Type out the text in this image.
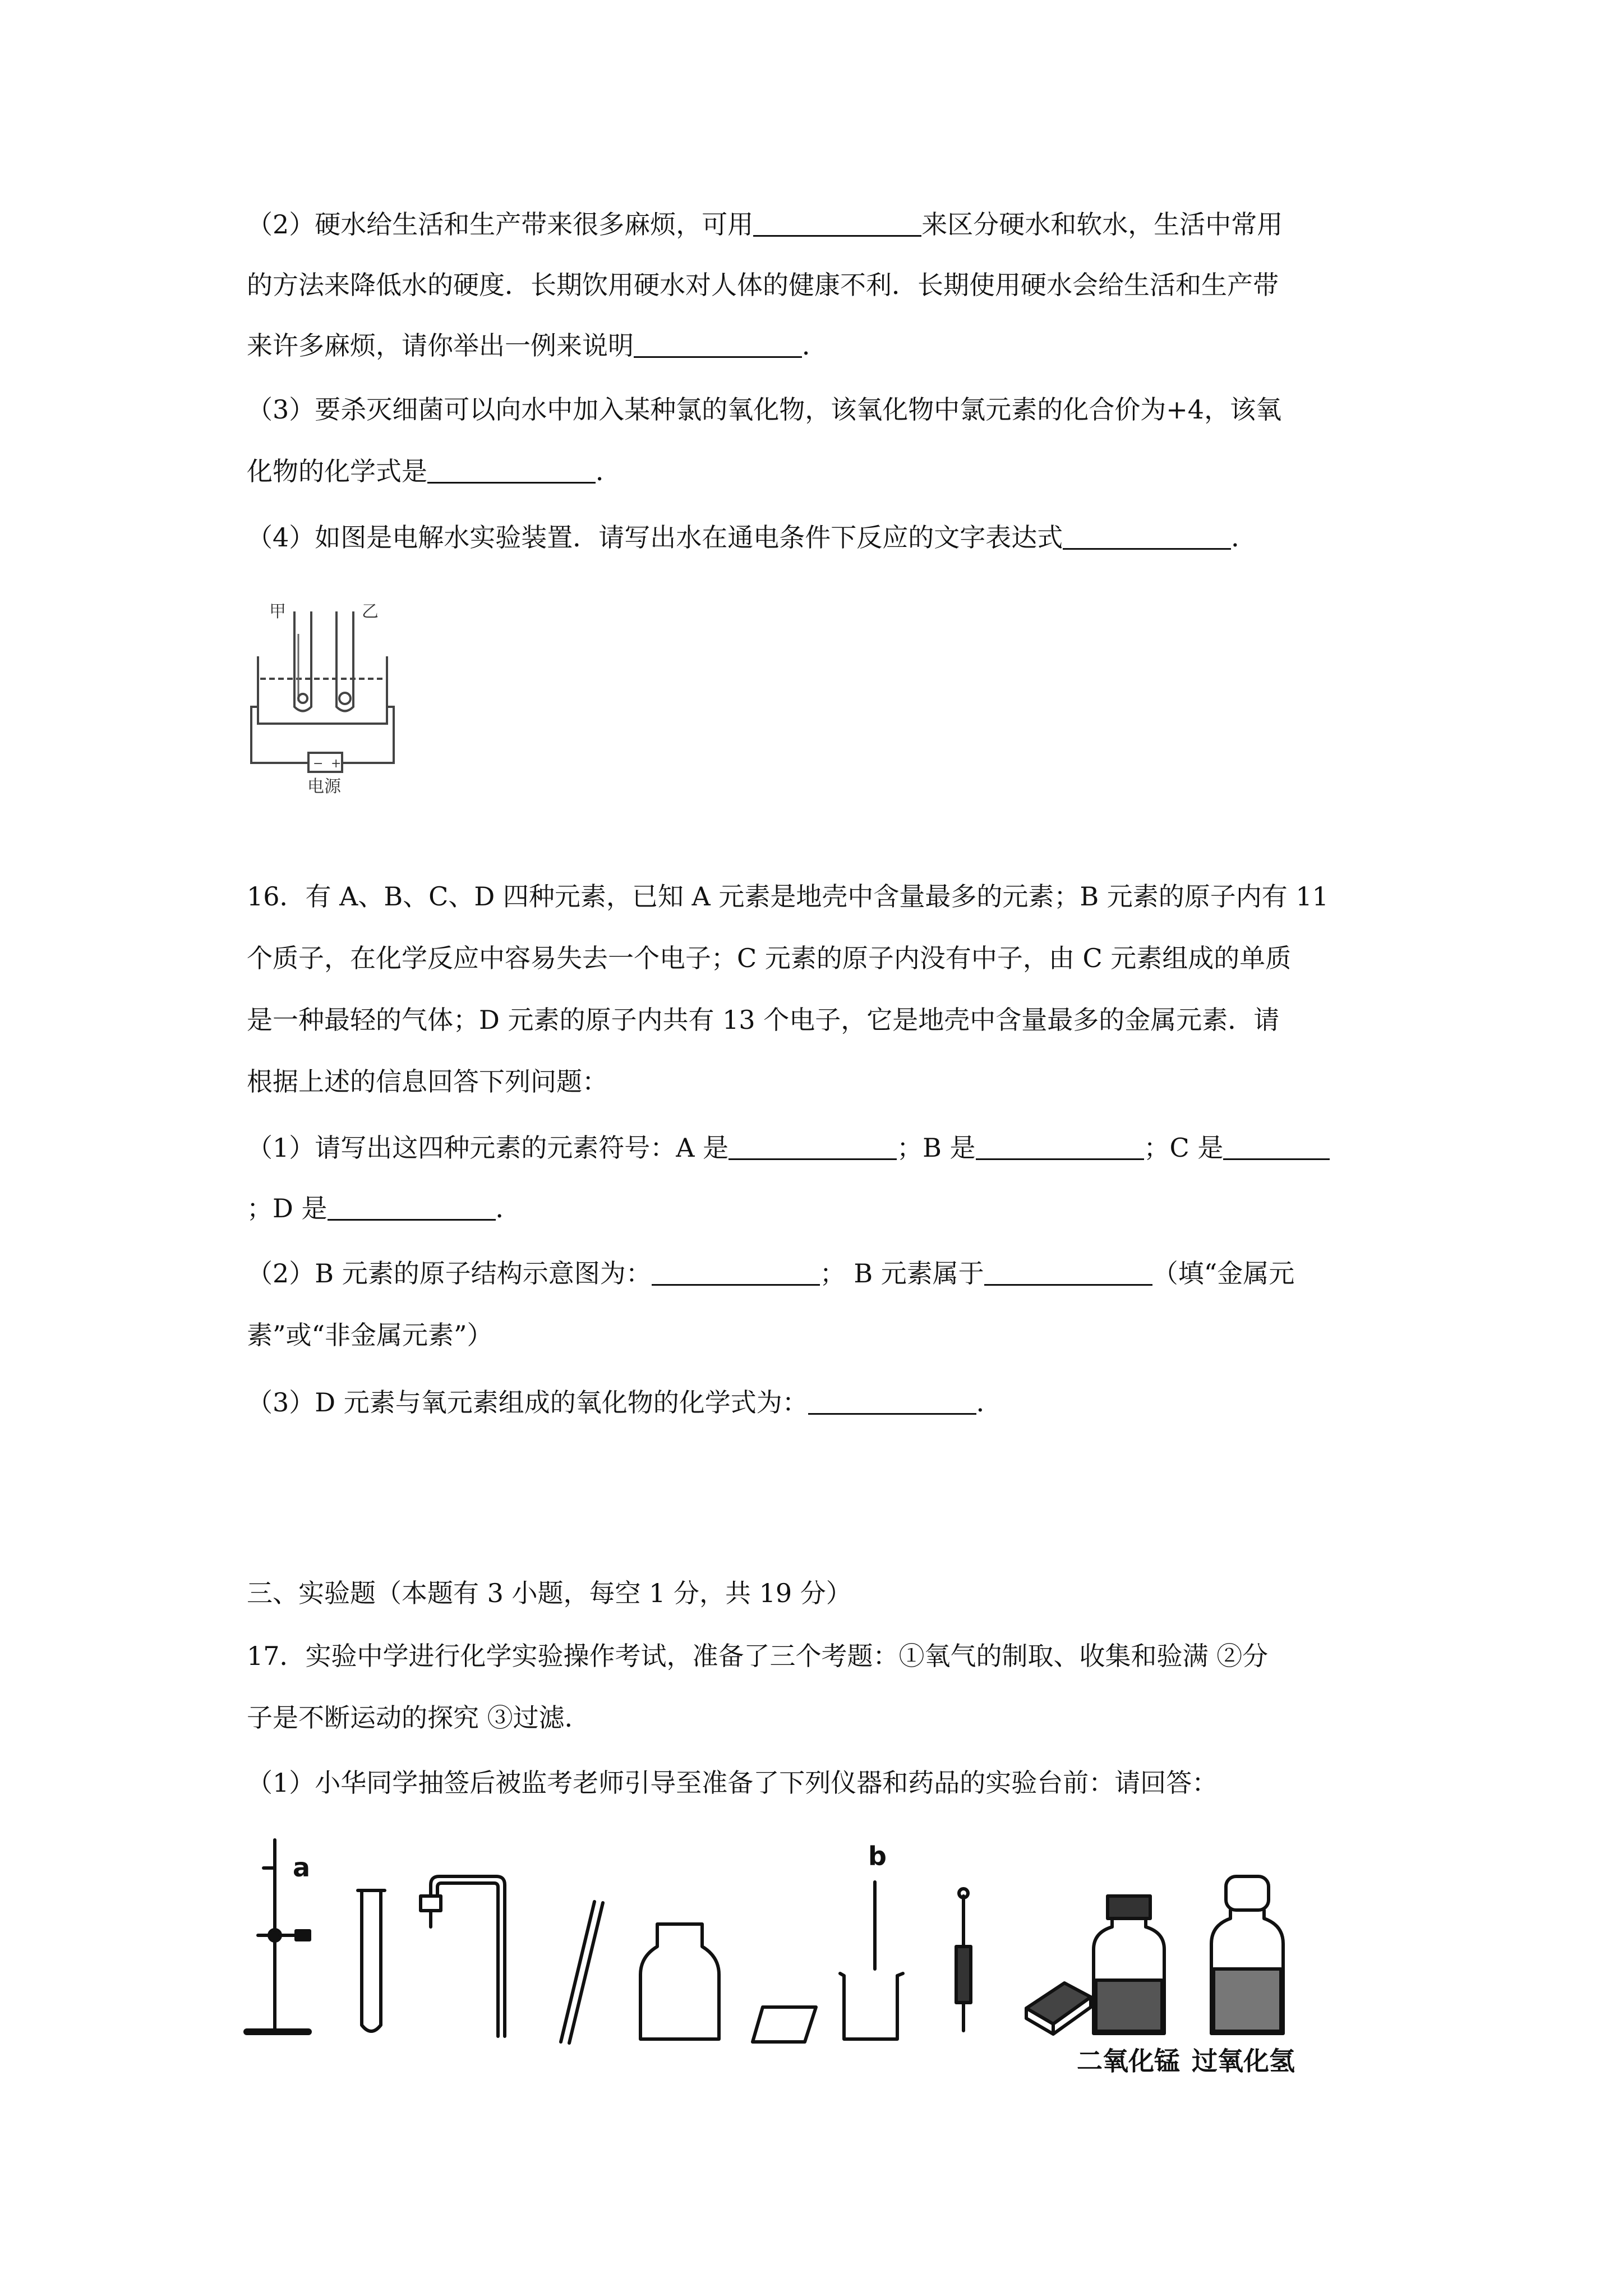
（2）硬水给生活和生产带来很多麻烦，可用	来区分硬水和软水，生活中常用
的方法来降低水的硬度．长期饮用硬水对人体的健康不利．长期使用硬水会给生活和生产带
来许多麻烦，请你举出一例来说明	．
（3）要杀灭细菌可以向水中加入某种氯的氧化物，该氧化物中氯元素的化合价为+4，该氧
化物的化学式是	．
（4）如图是电解水实验装置．请写出水在通电条件下反应的文字表达式	．
甲	乙
− +
电源
16．有 A、B、C、D 四种元素，已知 A 元素是地壳中含量最多的元素；B 元素的原子内有 11
个质子，在化学反应中容易失去一个电子；C 元素的原子内没有中子，由 C 元素组成的单质
是一种最轻的气体；D 元素的原子内共有 13 个电子，它是地壳中含量最多的金属元素．请
根据上述的信息回答下列问题：
（1）请写出这四种元素的元素符号：A 是	；B 是	；C 是
；D 是	．
（2）B 元素的原子结构示意图为：	； B 元素属于	（填“金属元
素”或“非金属元素”）
（3）D 元素与氧元素组成的氧化物的化学式为：	．
三、实验题（本题有 3 小题，每空 1 分，共 19 分）
17．实验中学进行化学实验操作考试，准备了三个考题：①氧气的制取、收集和验满 ②分
子是不断运动的探究 ③过滤．
（1）小华同学抽签后被监考老师引导至准备了下列仪器和药品的实验台前：请回答：
a	b
二氧化锰 过氧化氢
